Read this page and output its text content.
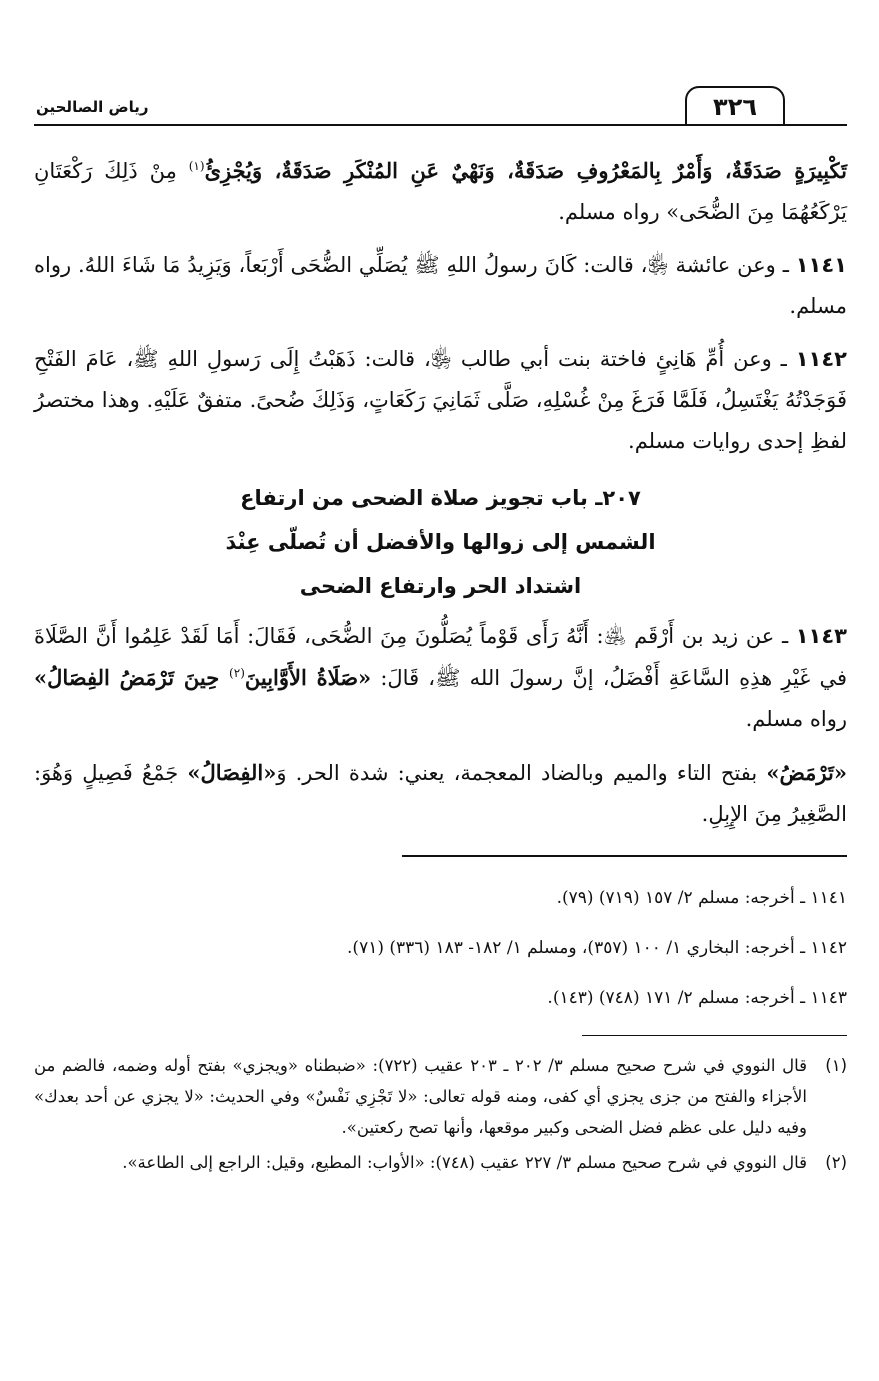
٣٢٦
رياض الصالحين

تَكْبِيرَةٍ صَدَقَةٌ، وَأَمْرٌ بِالمَعْرُوفِ صَدَقَةٌ، وَنَهْيٌ عَنِ المُنْكَرِ صَدَقَةٌ، وَيُجْزِئُ$^{(١)}$ مِنْ ذَلِكَ رَكْعَتَانِ يَرْكَعُهُمَا مِنَ الضُّحَى» رواه مسلم.

١١٤١ ـ وعن عائشة ﵂، قالت: كَانَ رسولُ اللهِ ﷺ يُصَلِّي الضُّحَى أَرْبَعاً، وَيَزِيدُ مَا شَاءَ اللهُ. رواه مسلم.

١١٤٢ ـ وعن أُمِّ هَانِئٍ فاختة بنت أبي طالب ﵂، قالت: ذَهَبْتُ إِلَى رَسولِ اللهِ ﷺ، عَامَ الفَتْحِ فَوَجَدْتُهُ يَغْتَسِلُ، فَلَمَّا فَرَغَ مِنْ غُسْلِهِ، صَلَّى ثَمَانِيَ رَكَعَاتٍ، وَذَلِكَ ضُحىً. متفقٌ عَلَيْهِ. وهذا مختصرُ لفظِ إحدى روايات مسلم.

٢٠٧ـ باب تجويز صلاة الضحى من ارتفاع
الشمس إلى زوالها والأفضل أن تُصلّى عِنْدَ
اشتداد الحر وارتفاع الضحى

١١٤٣ ـ عن زيد بن أَرْقَم ﵁: أَنَّهُ رَأَى قَوْماً يُصَلُّونَ مِنَ الضُّحَى، فَقَالَ: أَمَا لَقَدْ عَلِمُوا أَنَّ الصَّلَاةَ في غَيْرِ هذِهِ السَّاعَةِ أَفْضَلُ، إنَّ رسولَ الله ﷺ، قَالَ: «صَلَاةُ الأَوَّابِينَ$^{(٢)}$ حِينَ تَرْمَضُ الفِصَالُ» رواه مسلم.

«تَرْمَضُ» بفتح التاء والميم وبالضاد المعجمة، يعني: شدة الحر. وَ«الفِصَالُ» جَمْعُ فَصِيلٍ وَهُوَ: الصَّغِيرُ مِنَ الإِبِلِ.

١١٤١ ـ أخرجه: مسلم ٢/ ١٥٧ (٧١٩) (٧٩).
١١٤٢ ـ أخرجه: البخاري ١/ ١٠٠ (٣٥٧)، ومسلم ١/ ١٨٢- ١٨٣ (٣٣٦) (٧١).
١١٤٣ ـ أخرجه: مسلم ٢/ ١٧١ (٧٤٨) (١٤٣).
(١)
قال النووي في شرح صحيح مسلم ٣/ ٢٠٢ ـ ٢٠٣ عقيب (٧٢٢): «ضبطناه «ويجزي» بفتح أوله وضمه، فالضم من الأجزاء والفتح من جزى يجزي أي كفى، ومنه قوله تعالى: «لا تَجْزِي نَفْسٌ» وفي الحديث: «لا يجزي عن أحد بعدك» وفيه دليل على عظم فضل الضحى وكبير موقعها، وأنها تصح ركعتين».
(٢)
قال النووي في شرح صحيح مسلم ٣/ ٢٢٧ عقيب (٧٤٨): «الأواب: المطيع، وقيل: الراجع إلى الطاعة».
